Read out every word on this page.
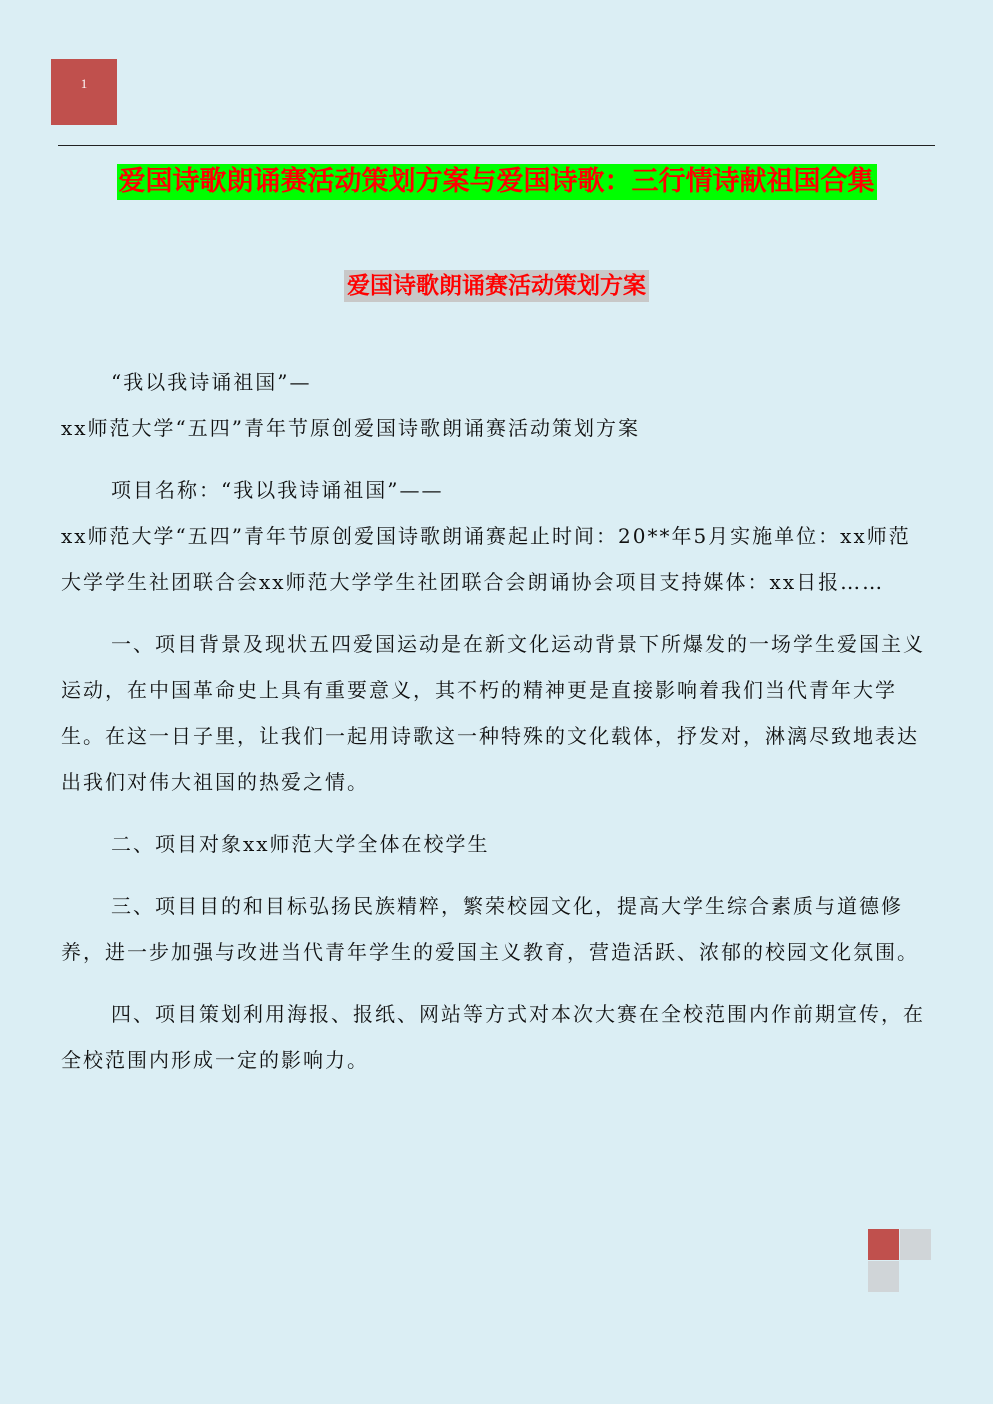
1
爱国诗歌朗诵赛活动策划方案与爱国诗歌：三行情诗献祖国合集
爱国诗歌朗诵赛活动策划方案

“我以我诗诵祖国”—

xx师范大学“五四”青年节原创爱国诗歌朗诵赛活动策划方案

项目名称：“我以我诗诵祖国”——

xx师范大学“五四”青年节原创爱国诗歌朗诵赛起止时间：20**年5月实施单位：xx师范大学学生社团联合会xx师范大学学生社团联合会朗诵协会项目支持媒体：xx日报……

一、项目背景及现状五四爱国运动是在新文化运动背景下所爆发的一场学生爱国主义运动，在中国革命史上具有重要意义，其不朽的精神更是直接影响着我们当代青年大学生。在这一日子里，让我们一起用诗歌这一种特殊的文化载体，抒发对，淋漓尽致地表达出我们对伟大祖国的热爱之情。

二、项目对象xx师范大学全体在校学生

三、项目目的和目标弘扬民族精粹，繁荣校园文化，提高大学生综合素质与道德修养，进一步加强与改进当代青年学生的爱国主义教育，营造活跃、浓郁的校园文化氛围。

四、项目策划利用海报、报纸、网站等方式对本次大赛在全校范围内作前期宣传，在全校范围内形成一定的影响力。
